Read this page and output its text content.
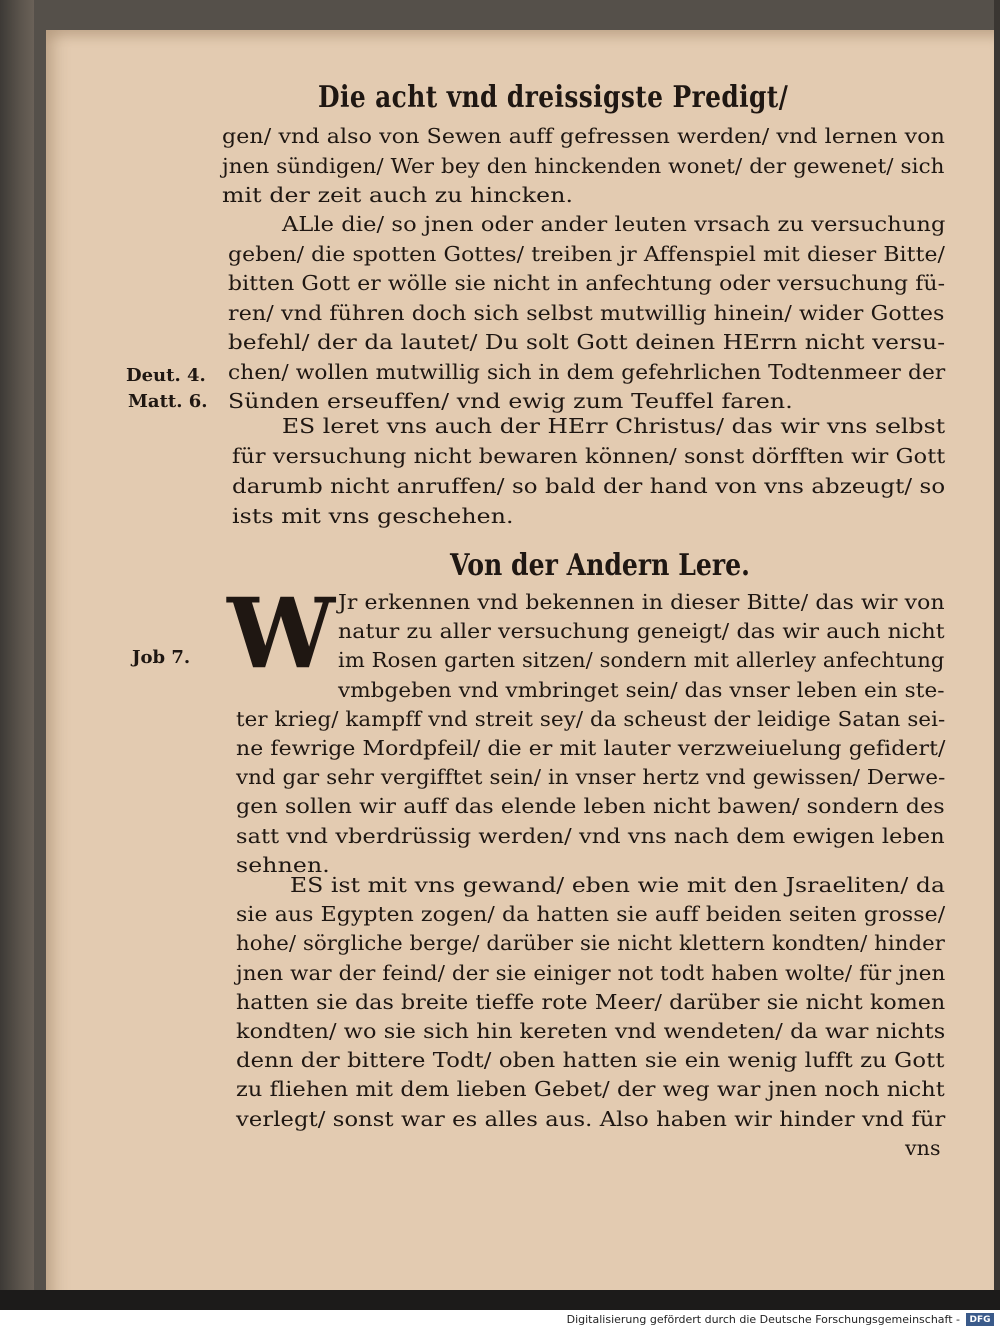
Die acht vnd dreissigste Predigt/
gen/ vnd also von Sewen auff gefressen werden/ vnd lernen von
jnen sündigen/ Wer bey den hinckenden wonet/ der gewenet/ sich
mit der zeit auch zu hincken.
ALle die/ so jnen oder ander leuten vrsach zu versuchung
geben/ die spotten Gottes/ treiben jr Affenspiel mit dieser Bitte/
bitten Gott er wölle sie nicht in anfechtung oder versuchung fü-
ren/ vnd führen doch sich selbst mutwillig hinein/ wider Gottes
befehl/ der da lautet/ Du solt Gott deinen HErrn nicht versu-
chen/ wollen mutwillig sich in dem gefehrlichen Todtenmeer der
Sünden erseuffen/ vnd ewig zum Teuffel faren.
ES leret vns auch der HErr Christus/ das wir vns selbst
für versuchung nicht bewaren können/ sonst dörfften wir Gott
darumb nicht anruffen/ so bald der hand von vns abzeugt/ so
ists mit vns geschehen.
Jr erkennen vnd bekennen in dieser Bitte/ das wir von
natur zu aller versuchung geneigt/ das wir auch nicht
im Rosen garten sitzen/ sondern mit allerley anfechtung
vmbgeben vnd vmbringet sein/ das vnser leben ein ste-
ter krieg/ kampff vnd streit sey/ da scheust der leidige Satan sei-
ne fewrige Mordpfeil/ die er mit lauter verzweiuelung gefidert/
vnd gar sehr vergifftet sein/ in vnser hertz vnd gewissen/ Derwe-
gen sollen wir auff das elende leben nicht bawen/ sondern des
satt vnd vberdrüssig werden/ vnd vns nach dem ewigen leben
sehnen.
ES ist mit vns gewand/ eben wie mit den Jsraeliten/ da
sie aus Egypten zogen/ da hatten sie auff beiden seiten grosse/
hohe/ sörgliche berge/ darüber sie nicht klettern kondten/ hinder
jnen war der feind/ der sie einiger not todt haben wolte/ für jnen
hatten sie das breite tieffe rote Meer/ darüber sie nicht komen
kondten/ wo sie sich hin kereten vnd wendeten/ da war nichts
denn der bittere Todt/ oben hatten sie ein wenig lufft zu Gott
zu fliehen mit dem lieben Gebet/ der weg war jnen noch nicht
verlegt/ sonst war es alles aus. Also haben wir hinder vnd für
vns
Deut. 4.
Matt. 6.
Job 7.
Von der Andern Lere.
W
Digitalisierung gefördert durch die Deutsche Forschungsgemeinschaft -	DFG
